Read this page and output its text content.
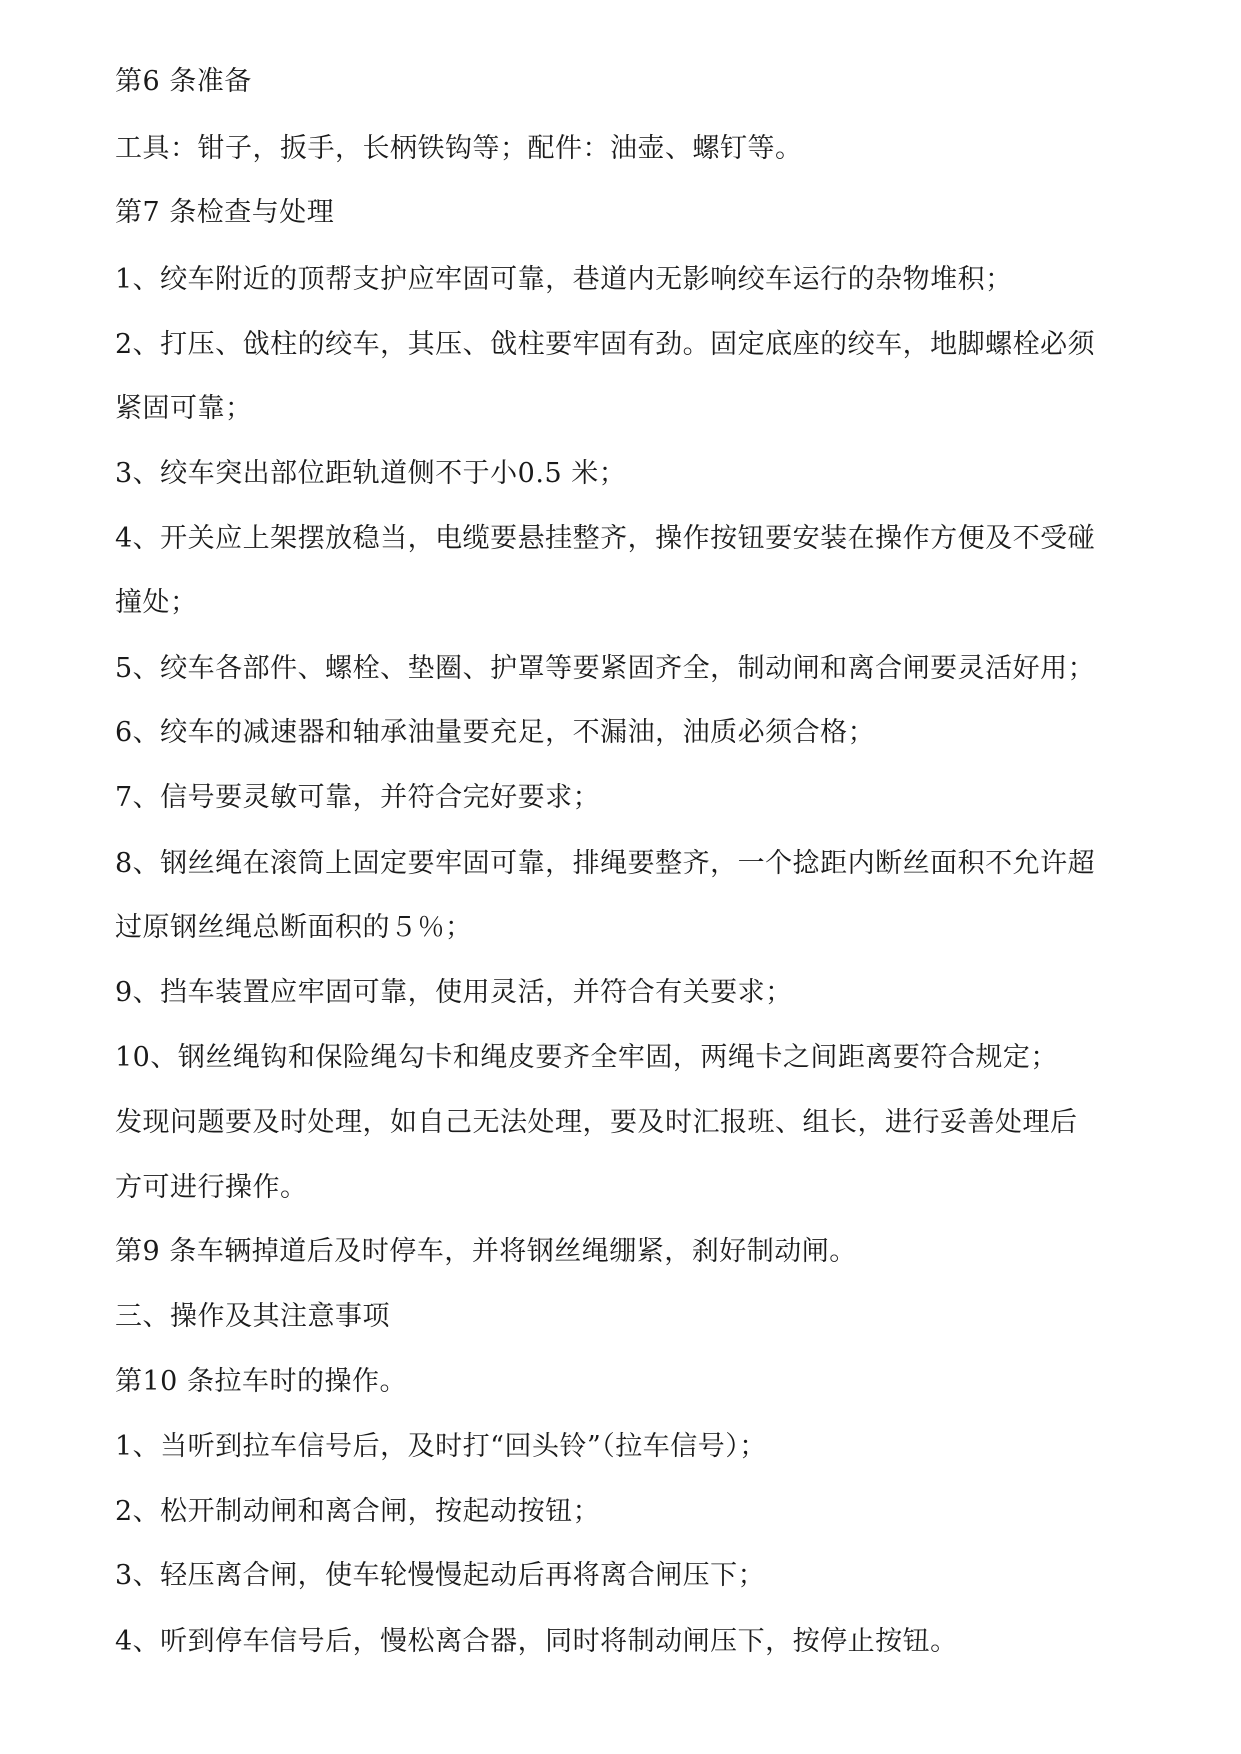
第6 条准备
工具：钳子，扳手，长柄铁钩等；配件：油壶、螺钉等。
第7 条检查与处理
1、绞车附近的顶帮支护应牢固可靠，巷道内无影响绞车运行的杂物堆积；
2、打压、戗柱的绞车，其压、戗柱要牢固有劲。固定底座的绞车，地脚螺栓必须
紧固可靠；
3、绞车突出部位距轨道侧不于小0.5 米；
4、开关应上架摆放稳当，电缆要悬挂整齐，操作按钮要安装在操作方便及不受碰
撞处；
5、绞车各部件、螺栓、垫圈、护罩等要紧固齐全，制动闸和离合闸要灵活好用；
6、绞车的减速器和轴承油量要充足，不漏油，油质必须合格；
7、信号要灵敏可靠，并符合完好要求；
8、钢丝绳在滚筒上固定要牢固可靠，排绳要整齐，一个捻距内断丝面积不允许超
过原钢丝绳总断面积的５％；
9、挡车装置应牢固可靠，使用灵活，并符合有关要求；
10、钢丝绳钩和保险绳勾卡和绳皮要齐全牢固，两绳卡之间距离要符合规定；
发现问题要及时处理，如自己无法处理，要及时汇报班、组长，进行妥善处理后
方可进行操作。
第9 条车辆掉道后及时停车，并将钢丝绳绷紧，刹好制动闸。
三、操作及其注意事项
第10 条拉车时的操作。
1、当听到拉车信号后，及时打“回头铃”（拉车信号）；
2、松开制动闸和离合闸，按起动按钮；
3、轻压离合闸，使车轮慢慢起动后再将离合闸压下；
4、听到停车信号后，慢松离合器，同时将制动闸压下，按停止按钮。
